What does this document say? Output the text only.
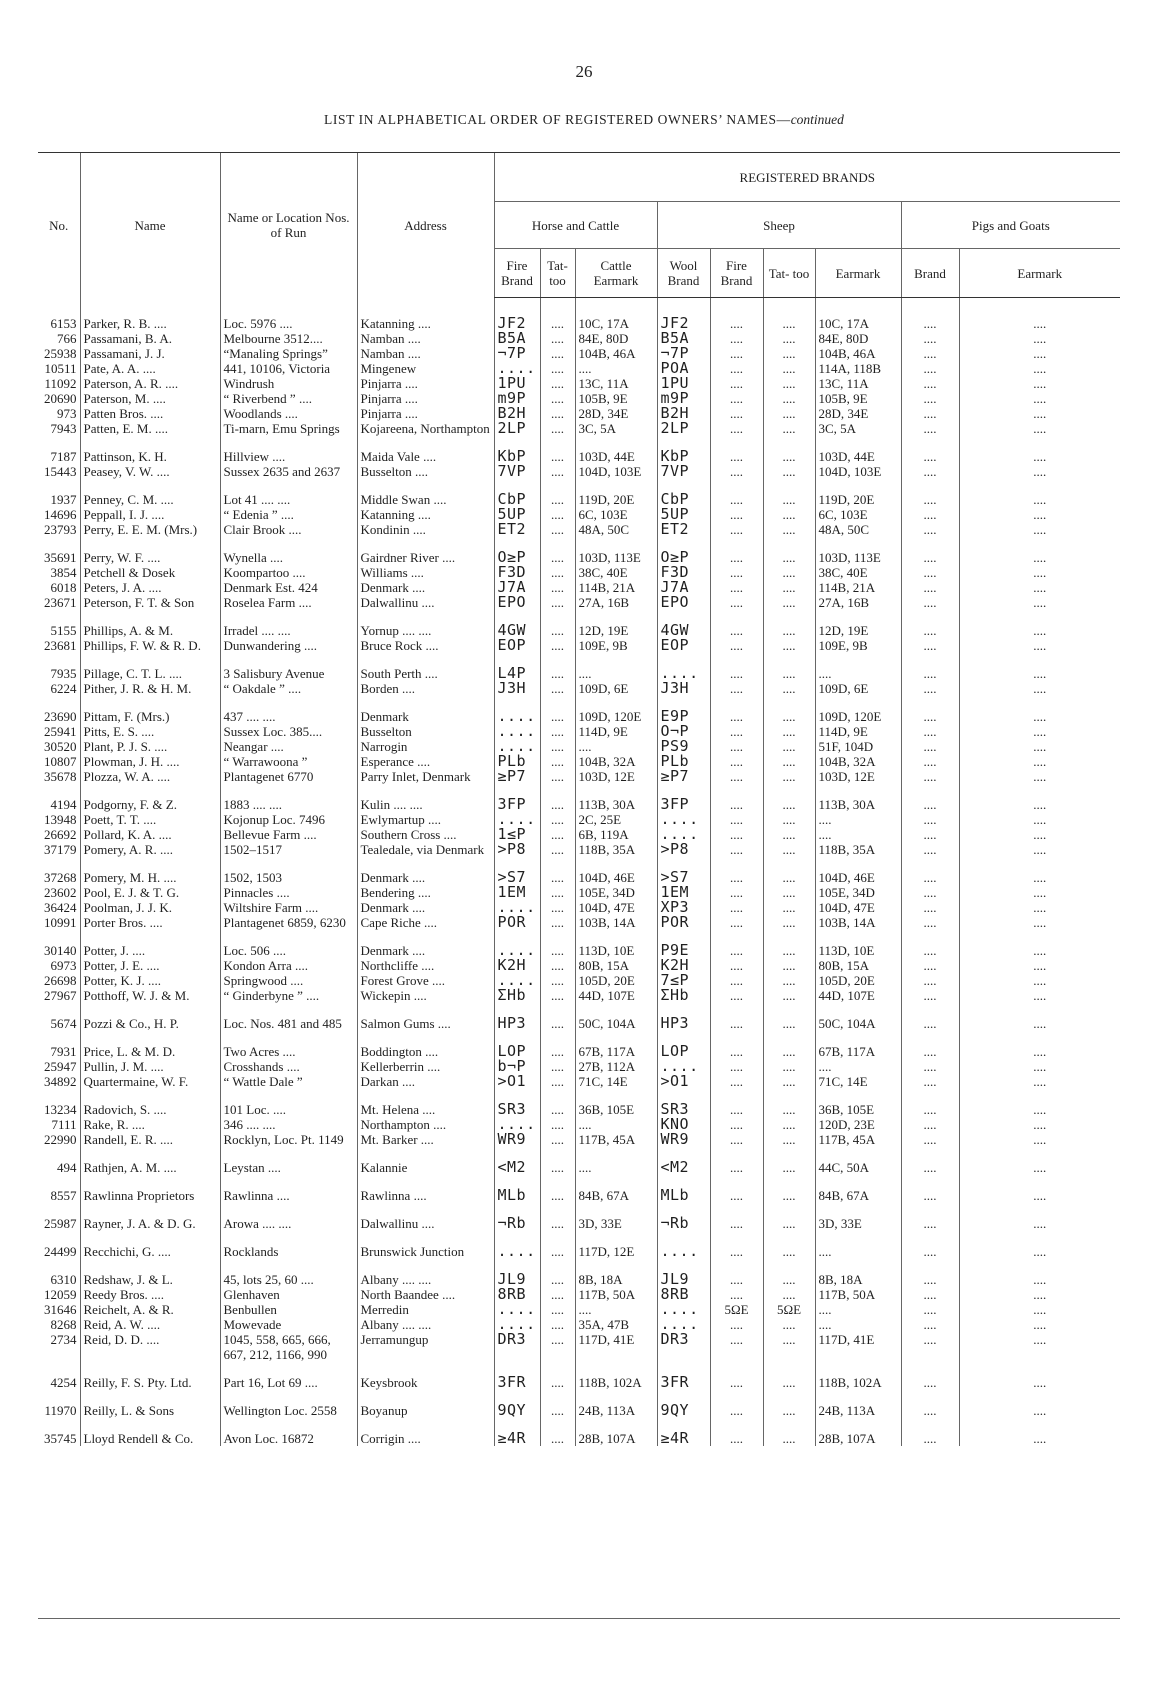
26
LIST IN ALPHABETICAL ORDER OF REGISTERED OWNERS’ NAMES—continued
No.	Name	Name or Location Nos. of Run	Address	REGISTERED BRANDS								
				Horse and Cattle			Sheep				Pigs and Goats	
				Fire Brand	Tat- too	Cattle Earmark	Wool Brand	Fire Brand	Tat- too	Earmark	Brand	Earmark
6153	Parker, R. B. ....	Loc. 5976 ....	Katanning ....	JF2	....	10C, 17A	JF2	....	....	10C, 17A	....	....
766	Passamani, B. A.	Melbourne 3512....	Namban ....	B5A	....	84E, 80D	B5A	....	....	84E, 80D	....	....
25938	Passamani, J. J.	“Manaling Springs”	Namban ....	¬7P	....	104B, 46A	¬7P	....	....	104B, 46A	....	....
10511	Pate, A. A. ....	441, 10106, Victoria	Mingenew	....	....	....	POA	....	....	114A, 118B	....	....
11092	Paterson, A. R. ....	Windrush	Pinjarra ....	1PU	....	13C, 11A	1PU	....	....	13C, 11A	....	....
20690	Paterson, M. ....	“ Riverbend ” ....	Pinjarra ....	m9P	....	105B, 9E	m9P	....	....	105B, 9E	....	....
973	Patten Bros. ....	Woodlands ....	Pinjarra ....	B2H	....	28D, 34E	B2H	....	....	28D, 34E	....	....
7943	Patten, E. M. ....	Ti-marn, Emu Springs	Kojareena, Northampton	2LP	....	3C, 5A	2LP	....	....	3C, 5A	....	....
7187	Pattinson, K. H.	Hillview ....	Maida Vale ....	KbP	....	103D, 44E	KbP	....	....	103D, 44E	....	....
15443	Peasey, V. W. ....	Sussex 2635 and 2637	Busselton ....	7VP	....	104D, 103E	7VP	....	....	104D, 103E	....	....
1937	Penney, C. M. ....	Lot 41 .... ....	Middle Swan ....	CbP	....	119D, 20E	CbP	....	....	119D, 20E	....	....
14696	Peppall, I. J. ....	“ Edenia ” ....	Katanning ....	5UP	....	6C, 103E	5UP	....	....	6C, 103E	....	....
23793	Perry, E. E. M. (Mrs.)	Clair Brook ....	Kondinin ....	ET2	....	48A, 50C	ET2	....	....	48A, 50C	....	....
35691	Perry, W. F. ....	Wynella ....	Gairdner River ....	O≥P	....	103D, 113E	O≥P	....	....	103D, 113E	....	....
3854	Petchell & Dosek	Koompartoo ....	Williams ....	F3D	....	38C, 40E	F3D	....	....	38C, 40E	....	....
6018	Peters, J. A. ....	Denmark Est. 424	Denmark ....	J7A	....	114B, 21A	J7A	....	....	114B, 21A	....	....
23671	Peterson, F. T. & Son	Roselea Farm ....	Dalwallinu ....	EPO	....	27A, 16B	EPO	....	....	27A, 16B	....	....
5155	Phillips, A. & M.	Irradel .... ....	Yornup .... ....	4GW	....	12D, 19E	4GW	....	....	12D, 19E	....	....
23681	Phillips, F. W. & R. D.	Dunwandering ....	Bruce Rock ....	EOP	....	109E, 9B	EOP	....	....	109E, 9B	....	....
7935	Pillage, C. T. L. ....	3 Salisbury Avenue	South Perth ....	L4P	....	....	....	....	....	....	....	....
6224	Pither, J. R. & H. M.	“ Oakdale ” ....	Borden ....	J3H	....	109D, 6E	J3H	....	....	109D, 6E	....	....
23690	Pittam, F. (Mrs.)	437 .... ....	Denmark	....	....	109D, 120E	E9P	....	....	109D, 120E	....	....
25941	Pitts, E. S. ....	Sussex Loc. 385....	Busselton	....	....	114D, 9E	O¬P	....	....	114D, 9E	....	....
30520	Plant, P. J. S. ....	Neangar ....	Narrogin	....	....	....	PS9	....	....	51F, 104D	....	....
10807	Plowman, J. H. ....	“ Warrawoona ”	Esperance ....	PLb	....	104B, 32A	PLb	....	....	104B, 32A	....	....
35678	Plozza, W. A. ....	Plantagenet 6770	Parry Inlet, Denmark	≥P7	....	103D, 12E	≥P7	....	....	103D, 12E	....	....
4194	Podgorny, F. & Z.	1883 .... ....	Kulin .... ....	3FP	....	113B, 30A	3FP	....	....	113B, 30A	....	....
13948	Poett, T. T. ....	Kojonup Loc. 7496	Ewlymartup ....	....	....	2C, 25E	....	....	....	....	....	....
26692	Pollard, K. A. ....	Bellevue Farm ....	Southern Cross ....	1≤P	....	6B, 119A	....	....	....	....	....	....
37179	Pomery, A. R. ....	1502–1517	Tealedale, via Denmark	>P8	....	118B, 35A	>P8	....	....	118B, 35A	....	....
37268	Pomery, M. H. ....	1502, 1503	Denmark ....	>S7	....	104D, 46E	>S7	....	....	104D, 46E	....	....
23602	Pool, E. J. & T. G.	Pinnacles ....	Bendering ....	1EM	....	105E, 34D	1EM	....	....	105E, 34D	....	....
36424	Poolman, J. J. K.	Wiltshire Farm ....	Denmark ....	....	....	104D, 47E	XP3	....	....	104D, 47E	....	....
10991	Porter Bros. ....	Plantagenet 6859, 6230	Cape Riche ....	POR	....	103B, 14A	POR	....	....	103B, 14A	....	....
30140	Potter, J. ....	Loc. 506 ....	Denmark ....	....	....	113D, 10E	P9E	....	....	113D, 10E	....	....
6973	Potter, J. E. ....	Kondon Arra ....	Northcliffe ....	K2H	....	80B, 15A	K2H	....	....	80B, 15A	....	....
26698	Potter, K. J. ....	Springwood ....	Forest Grove ....	....	....	105D, 20E	7≤P	....	....	105D, 20E	....	....
27967	Potthoff, W. J. & M.	“ Ginderbyne ” ....	Wickepin ....	ΣHb	....	44D, 107E	ΣHb	....	....	44D, 107E	....	....
5674	Pozzi & Co., H. P.	Loc. Nos. 481 and 485	Salmon Gums ....	HP3	....	50C, 104A	HP3	....	....	50C, 104A	....	....
7931	Price, L. & M. D.	Two Acres ....	Boddington ....	LOP	....	67B, 117A	LOP	....	....	67B, 117A	....	....
25947	Pullin, J. M. ....	Crosshands ....	Kellerberrin ....	b¬P	....	27B, 112A	....	....	....	....	....	....
34892	Quartermaine, W. F.	“ Wattle Dale ”	Darkan ....	>O1	....	71C, 14E	>O1	....	....	71C, 14E	....	....
13234	Radovich, S. ....	101 Loc. ....	Mt. Helena ....	SR3	....	36B, 105E	SR3	....	....	36B, 105E	....	....
7111	Rake, R. ....	346 .... ....	Northampton ....	....	....	....	KNO	....	....	120D, 23E	....	....
22990	Randell, E. R. ....	Rocklyn, Loc. Pt. 1149	Mt. Barker ....	WR9	....	117B, 45A	WR9	....	....	117B, 45A	....	....
494	Rathjen, A. M. ....	Leystan ....	Kalannie	<M2	....	....	<M2	....	....	44C, 50A	....	....
8557	Rawlinna Proprietors	Rawlinna ....	Rawlinna ....	MLb	....	84B, 67A	MLb	....	....	84B, 67A	....	....
25987	Rayner, J. A. & D. G.	Arowa .... ....	Dalwallinu ....	¬Rb	....	3D, 33E	¬Rb	....	....	3D, 33E	....	....
24499	Recchichi, G. ....	Rocklands	Brunswick Junction	....	....	117D, 12E	....	....	....	....	....	....
6310	Redshaw, J. & L.	45, lots 25, 60 ....	Albany .... ....	JL9	....	8B, 18A	JL9	....	....	8B, 18A	....	....
12059	Reedy Bros. ....	Glenhaven	North Baandee ....	8RB	....	117B, 50A	8RB	....	....	117B, 50A	....	....
31646	Reichelt, A. & R.	Benbullen	Merredin	....	....	....	....	5ΩE	5ΩE	....	....	....
8268	Reid, A. W. ....	Mowevade	Albany .... ....	....	....	35A, 47B	....	....	....	....	....	....
2734	Reid, D. D. ....	1045, 558, 665, 666, 667, 212, 1166, 990	Jerramungup	DR3	....	117D, 41E	DR3	....	....	117D, 41E	....	....
4254	Reilly, F. S. Pty. Ltd.	Part 16, Lot 69 ....	Keysbrook	3FR	....	118B, 102A	3FR	....	....	118B, 102A	....	....
11970	Reilly, L. & Sons	Wellington Loc. 2558	Boyanup	9QY	....	24B, 113A	9QY	....	....	24B, 113A	....	....
35745	Lloyd Rendell & Co.	Avon Loc. 16872	Corrigin ....	≥4R	....	28B, 107A	≥4R	....	....	28B, 107A	....	....
